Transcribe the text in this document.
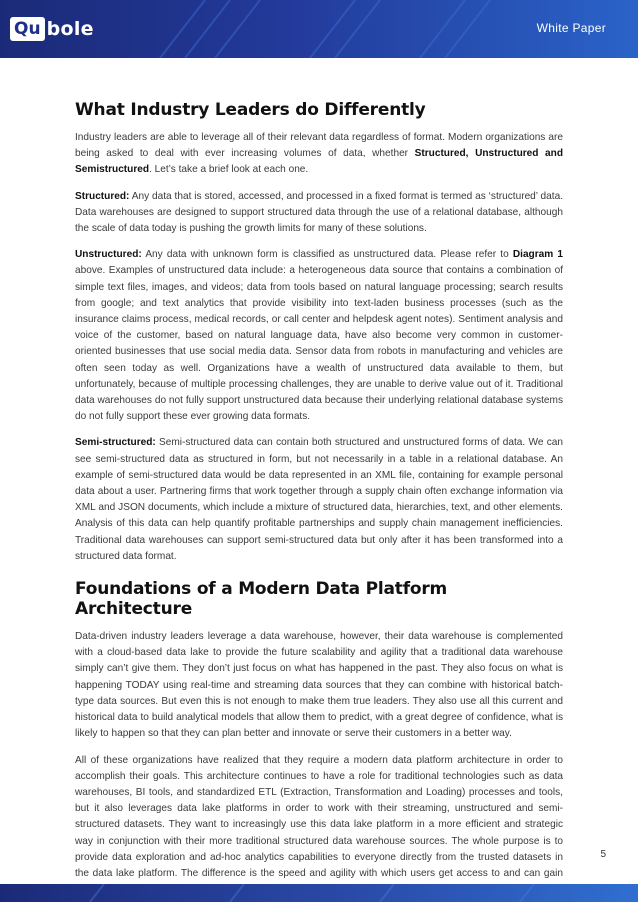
Qu bole	White Paper
What Industry Leaders do Differently

Industry leaders are able to leverage all of their relevant data regardless of format. Modern organizations are being asked to deal with ever increasing volumes of data, whether Structured, Unstructured and Semistructured. Let’s take a brief look at each one.

Structured: Any data that is stored, accessed, and processed in a fixed format is termed as ‘structured’ data. Data warehouses are designed to support structured data through the use of a relational database, although the scale of data today is pushing the growth limits for many of these solutions.

Unstructured: Any data with unknown form is classified as unstructured data. Please refer to Diagram 1 above. Examples of unstructured data include: a heterogeneous data source that contains a combination of simple text files, images, and videos; data from tools based on natural language processing; search results from google; and text analytics that provide visibility into text-laden business processes (such as the insurance claims process, medical records, or call center and helpdesk agent notes). Sentiment analysis and voice of the customer, based on natural language data, have also become very common in customer-oriented businesses that use social media data. Sensor data from robots in manufacturing and vehicles are often seen today as well. Organizations have a wealth of unstructured data available to them, but unfortunately, because of multiple processing challenges, they are unable to derive value out of it. Traditional data warehouses do not fully support unstructured data because their underlying relational database systems do not fully support these ever growing data formats.

Semi-structured: Semi-structured data can contain both structured and unstructured forms of data. We can see semi-structured data as structured in form, but not necessarily in a table in a relational database. An example of semi-structured data would be data represented in an XML file, containing for example personal data about a user. Partnering firms that work together through a supply chain often exchange information via XML and JSON documents, which include a mixture of structured data, hierarchies, text, and other elements. Analysis of this data can help quantify profitable partnerships and supply chain management inefficiencies. Traditional data warehouses can support semi-structured data but only after it has been transformed into a structured data format.

Foundations of a Modern Data Platform Architecture

Data-driven industry leaders leverage a data warehouse, however, their data warehouse is complemented with a cloud-based data lake to provide the future scalability and agility that a traditional data warehouse simply can’t give them. They don’t just focus on what has happened in the past. They also focus on what is happening TODAY using real-time and streaming data sources that they can combine with historical batch-type data sources. But even this is not enough to make them true leaders. They also use all this current and historical data to build analytical models that allow them to predict, with a great degree of confidence, what is likely to happen so that they can plan better and innovate or serve their customers in a better way.

All of these organizations have realized that they require a modern data platform architecture in order to accomplish their goals. This architecture continues to have a role for traditional technologies such as data warehouses, BI tools, and standardized ETL (Extraction, Transformation and Loading) processes and tools, but it also leverages data lake platforms in order to work with their streaming, unstructured and semi-structured datasets. They want to increasingly use this data lake platform in a more efficient and strategic way in conjunction with their more traditional structured data warehouse sources. The whole purpose is to provide data exploration and ad-hoc analytics capabilities to everyone directly from the trusted datasets in the data lake platform. The difference is the speed and agility with which users get access to and can gain

5
